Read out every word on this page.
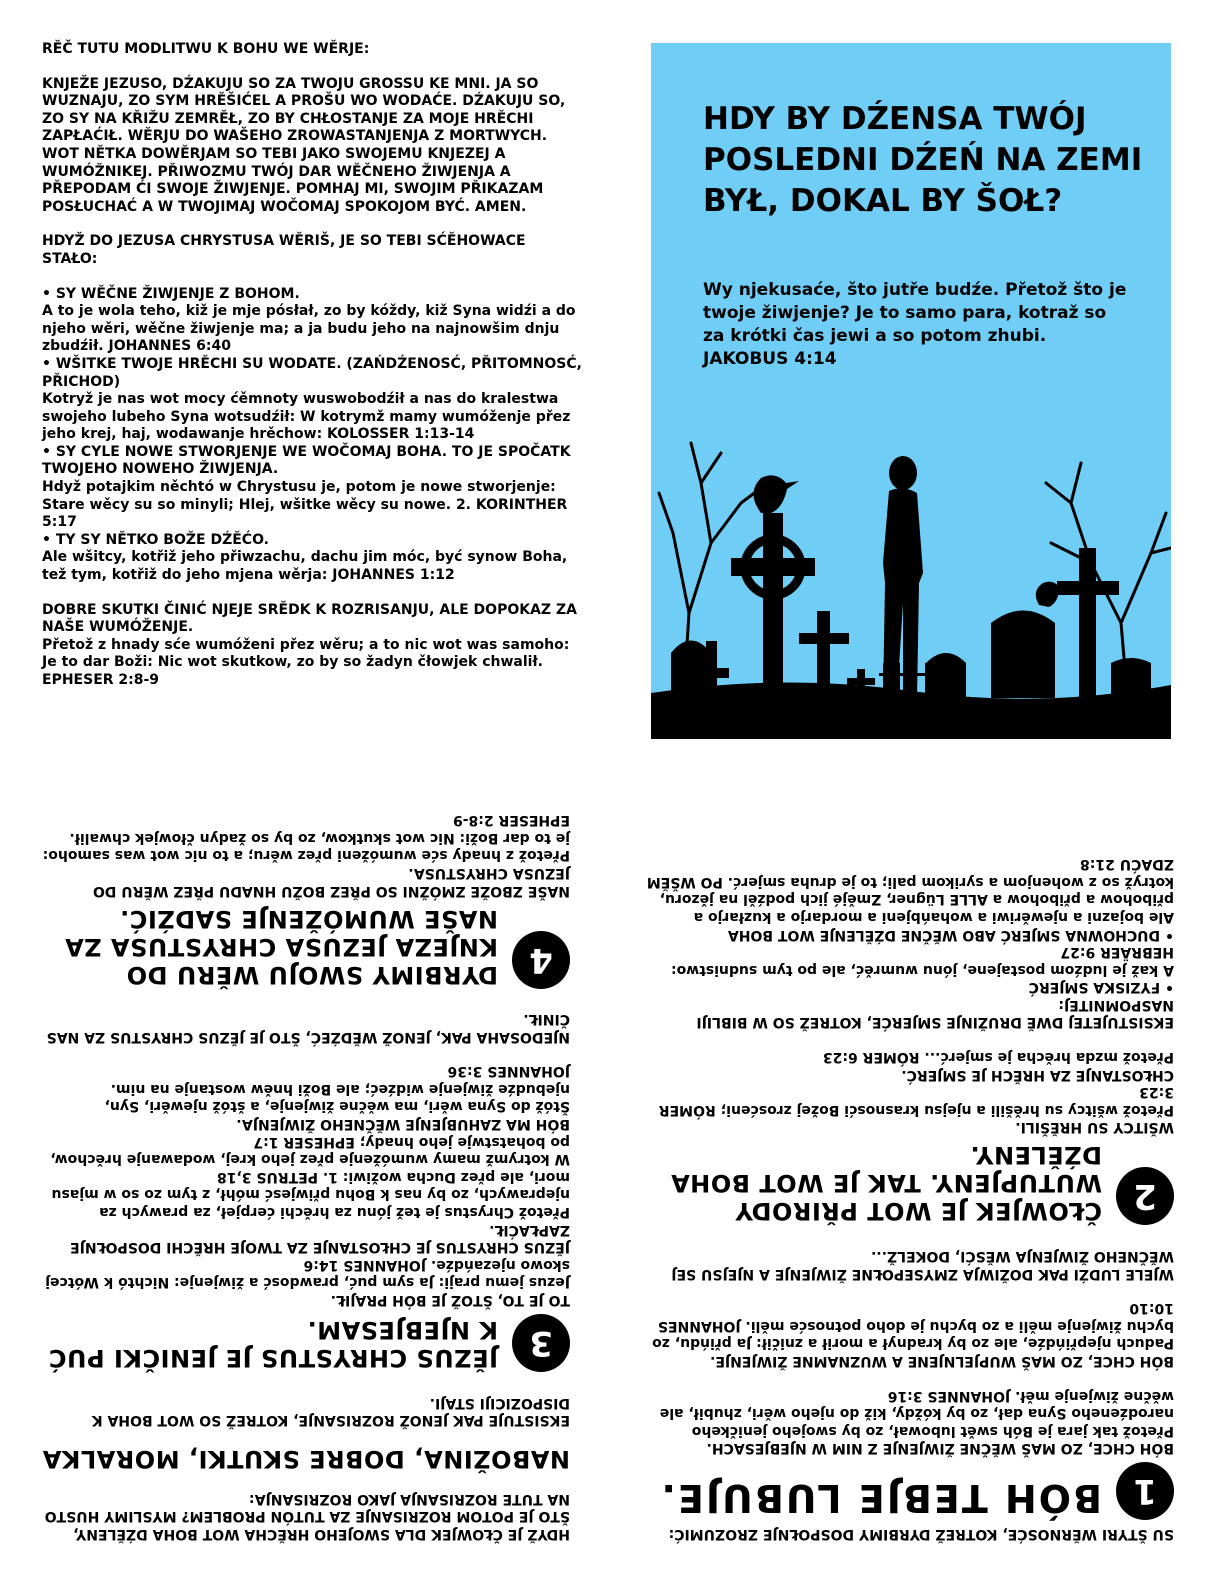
RĚČ TUTU MODLITWU K BOHU WE WĚRJE:

KNJEŽE JEZUSO, DŹAKUJU SO ZA TWOJU GROSSU KE MNI. JA SO WUZNAJU, ZO SYM HRĚŠIĆEL A PROŠU WO WODAĆE. DŹAKUJU SO, ZO SY NA KŘIŽU ZEMRĚŁ, ZO BY CHŁOSTANJE ZA MOJE HRĚCHI ZAPŁAĆIŁ. WĚRJU DO WAŠEHO ZROWASTANJENJA Z MORTWYCH. WOT NĚTKA DOWĚRJAM SO TEBI JAKO SWOJEMU KNJEZEJ A WUMÓŽNIKEJ. PŘIWOZMU TWÓJ DAR WĚČNEHO ŽIWJENJA A PŘEPODAM ĆI SWOJE ŽIWJENJE. POMHAJ MI, SWOJIM PŘIKAZAM POSŁUCHAĆ A W TWOJIMAJ WOČOMAJ SPOKOJOM BYĆ. AMEN.

HDYŽ DO JEZUSA CHRYSTUSA WĚRIŠ, JE SO TEBI SĆĚHOWACE STAŁO:

• SY WĚČNE ŽIWJENJE Z BOHOM.

A to je wola teho, kiž je mje pósłał, zo by kóždy, kiž Syna widźi a do njeho wěri, wěčne žiwjenje ma; a ja budu jeho na najnowšim dnju zbudźił. JOHANNES 6:40

• WŠITKE TWOJE HRĚCHI SU WODATE. (ZAŃDŹENOSĆ, PŘITOMNOSĆ, PŘICHOD)

Kotryž je nas wot mocy ćěmnoty wuswobodźił a nas do kralestwa swojeho lubeho Syna wotsudźił: W kotrymž mamy wumóženje přez jeho krej, haj, wodawanje hrěchow: KOLOSSER 1:13-14

• SY CYLE NOWE STWORJENJE WE WOČOMAJ BOHA. TO JE SPOČATK TWOJEHO NOWEHO ŽIWJENJA.

Hdyž potajkim něchtó w Chrystusu je, potom je nowe stworjenje: Stare wěcy su so minyli; Hlej, wšitke wěcy su nowe. 2. KORINTHER 5:17

• TY SY NĚTKO BOŽE DŹĚĆO.

Ale wšitcy, kotřiž jeho přiwzachu, dachu jim móc, być synow Boha, tež tym, kotřiž do jeho mjena wěrja: JOHANNES 1:12

DOBRE SKUTKI ČINIĆ NJEJE SRĚDK K ROZRISANJU, ALE DOPOKAZ ZA NAŠE WUMÓŽENJE.

Přetož z hnady sće wumóženi přez wěru; a to nic wot was samoho: Je to dar Boži: Nic wot skutkow, zo by so žadyn čłowjek chwalił. EPHESER 2:8-9

HDY BY DŹENSA TWÓJ POSLEDNI DŹEŃ NA ZEMI BYŁ, DOKAL BY ŠOŁ?
Wy njekusaće, što jutře budźe. Přetož što je twoje žiwjenje? Je to samo para, kotraž so za krótki čas jewi a so potom zhubi. JAKOBUS 4:14

HDYŽ JE ČŁOWJEK DLA SWOJEHO HRĚCHA WOT BOHA DŹĚLENY, ŠTO JE POTOM ROZRISANJE ZA TUTÓN PROBLEM? MYSLIMY HUSTO NA TUTE ROZRISANJA JAKO ROZRISANJA:

NABOŽINA, DOBRE SKUTKI, MORALKA

EKSISTUJE PAK JENOŽ ROZRISANJE, KOTREŽ SO WOT BOHA K DISPOZICIJI STAJI.

3
JĚZUS CHRYSTUS JE JENIČKI PUĆ K NJEBJESAM.

TO JE TO, ŠTOŽ JE BÓH PRAJIŁ.

Jezus jemu praji: Ja sym puć, prawdosć a žiwjenje: Nichtó k Wótcej skowo njezańdźe. JOHANNES 14:6

JĚZUS CHRYSTUS JE CHŁOSTANJE ZA TWOJE HRĚCHI DOSPOŁNJE ZAPŁAĆIŁ.

Přetož Chrystus je tež jónu za hrěchi ćerpjeł, za prawych za njeprawych, zo by nas k Bohu přiwjesć móhł, z tym zo so w mjasu mori, ale přez Ducha wožiwi: 1. PETRUS 3,18

W kotrymž mamy wumóženje přez jeho krej, wodawanje hrěchow, po bohatstwje jeho hnady; EPHESER 1:7

BÓH MA ZAHUBJENJE WĚČNEHO ŽIWJENJA.

Štóž do Syna wěri, ma wěčne žiwjenje, a štóž njewěri, Syn, njebudźe žiwjenje widźeć; ale Boži hněw wostanje na nim. JOHANNES 3:36

NJEDOSAHA PAK, JENOŽ WĚDŹEĆ, ŠTO JE JĚZUS CHRYSTUS ZA NAS ČINIŁ.

4
DYRBIMY SWOJU WĚRU DO KNJEZA JEZUSA CHRYSTUSA ZA NAŠE WUMÓŽENJE SADŹIĆ.

NAŠE ZBOŽE ZMÓŽNI SO PŘEZ BOŽU HNADU PŘEZ WĚRU DO JEZUSA CHRYSTUSA.

Přetož z hnady sće wumóženi přez wěru; a to nic wot was samoho: je to dar Boži: Nic wot skutkow, zo by so žadyn čłowjek chwalił. EPHESER 2:8-9

SU ŠTYRI WĚRNOSĆE, KOTREŽ DYRBIMY DOSPOŁNJE ZROZUMIĆ:

1
BÓH TEBJE LUBUJE.

BÓH CHCE, ZO MAŠ WĚČNE ŽIWJENJE Z NIM W NJEBJESACH.

Přetož tak jara je Bóh swět lubował, zo by swojeho jeničkeho narodźeneho Syna dał, zo by kóždy, kiž do njeho wěri, zhubił, ale wěčne žiwjenje měł. JOHANNES 3:16

BÓH CHCE, ZO MAŠ WUPJELNJENE A WUZNAMNE ŽIWJENJE.

Paduch njepřińdźe, ale zo by kradnył a morił a zničił: Ja přińdu, zo bychu žiwjenje měli a zo bychu je doho potnosće měli. JOHANNES 10:10

WJELE LUDŹI PAK DOŽIWJA ZMYSEPOŁNE ŽIWJENJE A NJEJSU SEJ WĚČNEHO ŽIWJENJA WĚSĆI, DOKELŽ...

2
ČŁOWJEK JE WOT PŘIRODY WUTUPJENY. TAK JE WOT BOHA DŹĚLENY.

WŠITCY SU HRĚŠILI.

Přetož wšitcy su hrěšili a njejsu krasnosći Božej zrosćeni; RÓMER 3:23

CHŁOSTANJE ZA HRĚCH JE SMJERĆ.

Přetož mzda hrěcha je smjerć... RÓMER 6:23

EKSISTUJETEJ DWĚ DRUŽINJE SMJERĆE, KOTREŽ SO W BIBLIJI NASPOMNITEJ:

• FYZISKA SMJERĆ

A kaž je ludźom postajene, jónu wumrěć, ale po tym sudnistwo: HEBRÄER 9:27

• DUCHOWNA SMJERĆ ABO WĚČNE DŹĚLENJE WOT BOHA

Ale bojazni a njewěriwi a wohańbjeni a mordarjo a kuzłarjo a přibohow a přibohow a ALLE Lügner, Změjé jich podźěl na jězoru, kotryž so z wohenjom a syrikom pali; to je druha smjerć. PO WŠĚM ZDAĆU 21:8
